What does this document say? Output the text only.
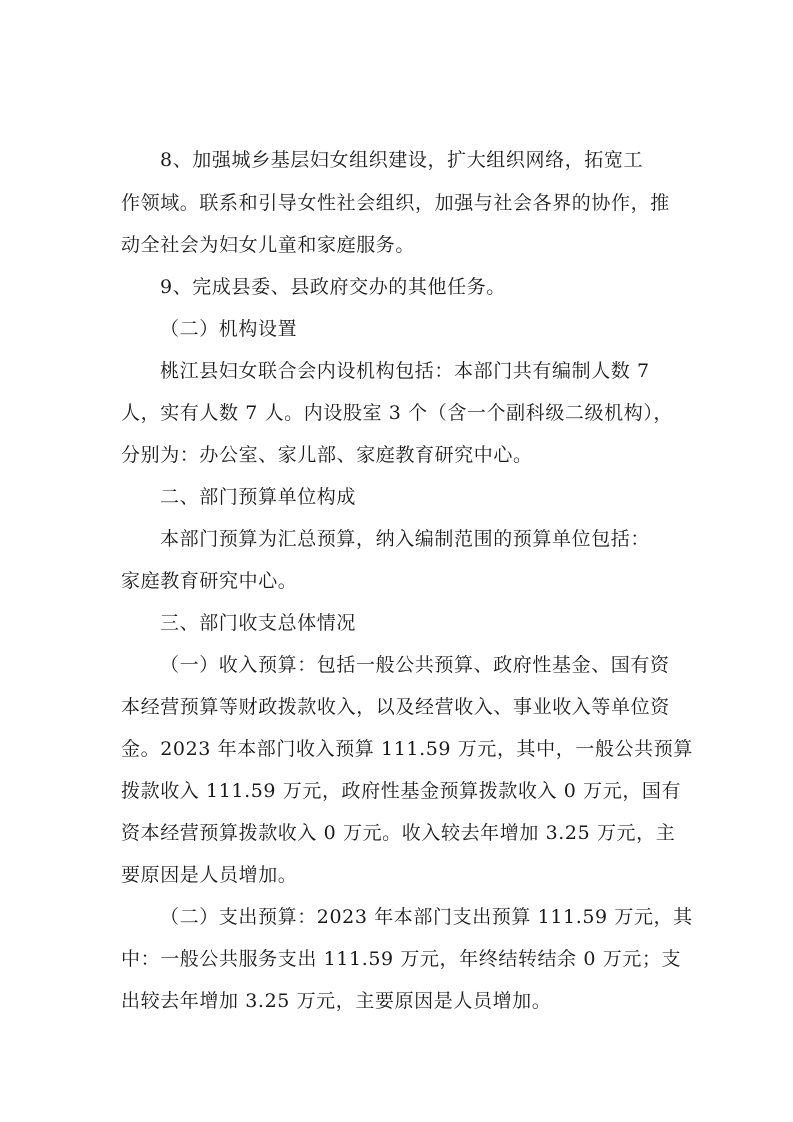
8、加强城乡基层妇女组织建设，扩大组织网络，拓宽工
作领域。联系和引导女性社会组织，加强与社会各界的协作，推
动全社会为妇女儿童和家庭服务。
9、完成县委、县政府交办的其他任务。
（二）机构设置
桃江县妇女联合会内设机构包括：本部门共有编制人数 7
人，实有人数 7 人。内设股室 3 个（含一个副科级二级机构），
分别为：办公室、家儿部、家庭教育研究中心。
二、部门预算单位构成
本部门预算为汇总预算，纳入编制范围的预算单位包括：
家庭教育研究中心。
三、部门收支总体情况
（一）收入预算：包括一般公共预算、政府性基金、国有资
本经营预算等财政拨款收入，以及经营收入、事业收入等单位资
金。2023 年本部门收入预算 111.59 万元，其中，一般公共预算
拨款收入 111.59 万元，政府性基金预算拨款收入 0 万元，国有
资本经营预算拨款收入 0 万元。收入较去年增加 3.25 万元，主
要原因是人员增加。
（二）支出预算：2023 年本部门支出预算 111.59 万元，其
中：一般公共服务支出 111.59 万元，年终结转结余 0 万元；支
出较去年增加 3.25 万元，主要原因是人员增加。
